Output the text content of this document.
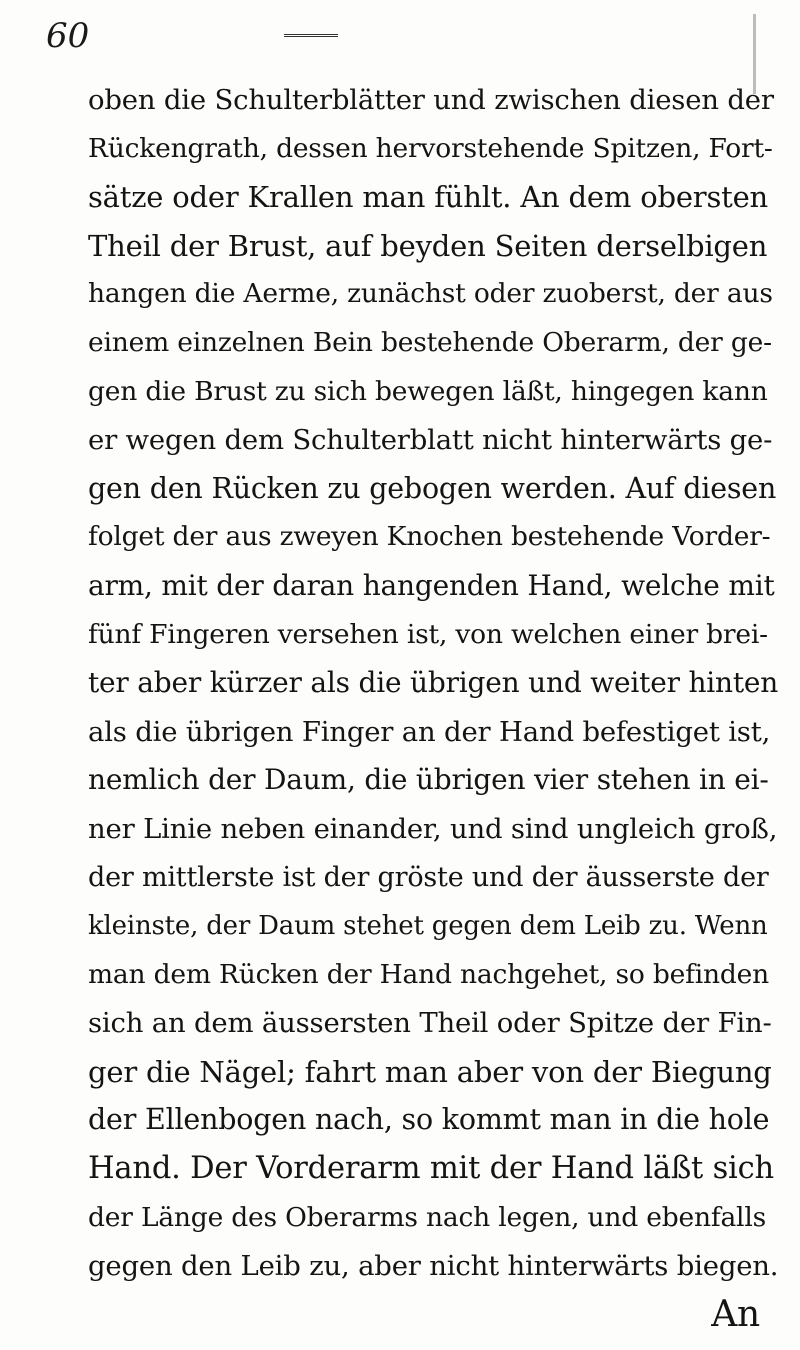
60
oben die Schulterblätter und zwischen diesen der
Rückengrath, dessen hervorstehende Spitzen, Fort-
sätze oder Krallen man fühlt. An dem obersten
Theil der Brust, auf beyden Seiten derselbigen
hangen die Aerme, zunächst oder zuoberst, der aus
einem einzelnen Bein bestehende Oberarm, der ge-
gen die Brust zu sich bewegen läßt, hingegen kann
er wegen dem Schulterblatt nicht hinterwärts ge-
gen den Rücken zu gebogen werden. Auf diesen
folget der aus zweyen Knochen bestehende Vorder-
arm, mit der daran hangenden Hand, welche mit
fünf Fingeren versehen ist, von welchen einer brei-
ter aber kürzer als die übrigen und weiter hinten
als die übrigen Finger an der Hand befestiget ist,
nemlich der Daum, die übrigen vier stehen in ei-
ner Linie neben einander, und sind ungleich groß,
der mittlerste ist der gröste und der äusserste der
kleinste, der Daum stehet gegen dem Leib zu. Wenn
man dem Rücken der Hand nachgehet, so befinden
sich an dem äussersten Theil oder Spitze der Fin-
ger die Nägel; fahrt man aber von der Biegung
der Ellenbogen nach, so kommt man in die hole
Hand. Der Vorderarm mit der Hand läßt sich
der Länge des Oberarms nach legen, und ebenfalls
gegen den Leib zu, aber nicht hinterwärts biegen.
An
